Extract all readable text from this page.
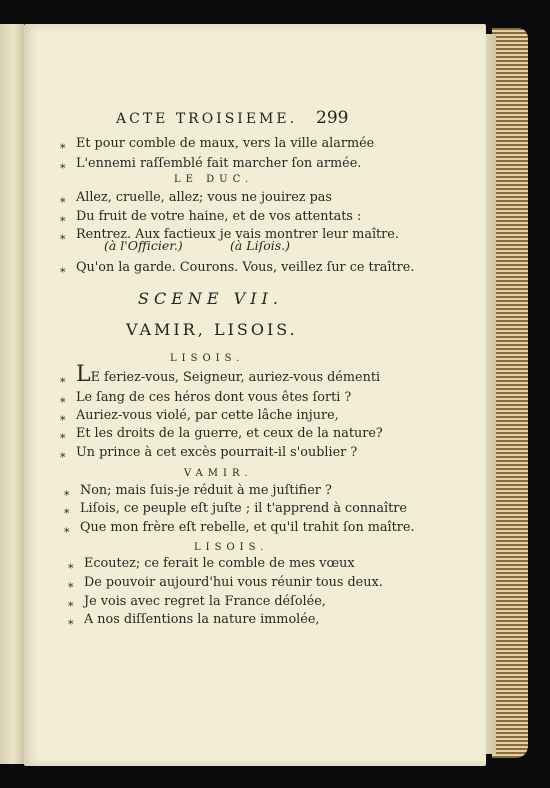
ACTE TROISIEME. 299
* Et pour comble de maux, vers la ville alarmée
* L'ennemi raſſemblé fait marcher ſon armée.
LE DUC.
* Allez, cruelle, allez; vous ne jouirez pas
* Du fruit de votre haine, et de vos attentats :
* Rentrez. Aux factieux je vais montrer leur maître.
(à l'Officier.)	(à Liſois.)
* Qu'on la garde. Courons. Vous, veillez ſur ce traître.
SCENE VII.
VAMIR, LISOIS.
LISOIS.
* LE feriez-vous, Seigneur, auriez-vous démenti
* Le ſang de ces héros dont vous êtes ſorti ?
* Auriez-vous violé, par cette lâche injure,
* Et les droits de la guerre, et ceux de la nature?
* Un prince à cet excès pourrait-il s'oublier ?
VAMIR.
* Non; mais ſuis-je réduit à me juſtifier ?
* Liſois, ce peuple eſt juſte ; il t'apprend à connaître
* Que mon frère eſt rebelle, et qu'il trahit ſon maître.
LISOIS.
* Ecoutez; ce ferait le comble de mes vœux
* De pouvoir aujourd'hui vous réunir tous deux.
* Je vois avec regret la France déſolée,
* A nos diſſentions la nature immolée,
